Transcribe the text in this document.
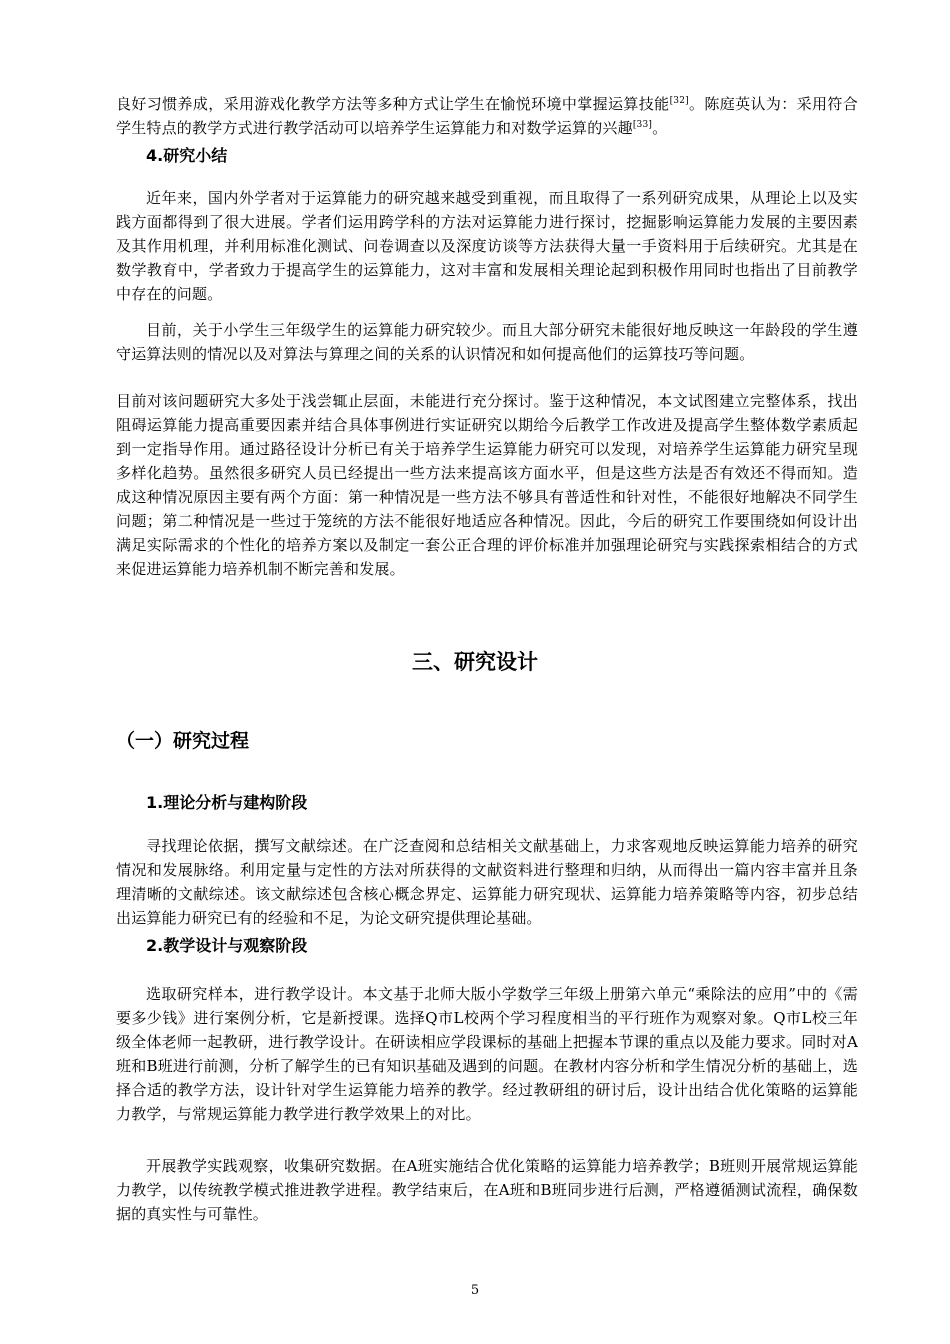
良好习惯养成，采用游戏化教学方法等多种方式让学生在愉悦环境中掌握运算技能[32]。陈庭英认为：采用符合学生特点的教学方式进行教学活动可以培养学生运算能力和对数学运算的兴趣[33]。

4.研究小结

近年来，国内外学者对于运算能力的研究越来越受到重视，而且取得了一系列研究成果，从理论上以及实践方面都得到了很大进展。学者们运用跨学科的方法对运算能力进行探讨，挖掘影响运算能力发展的主要因素及其作用机理，并利用标准化测试、问卷调查以及深度访谈等方法获得大量一手资料用于后续研究。尤其是在数学教育中，学者致力于提高学生的运算能力，这对丰富和发展相关理论起到积极作用同时也指出了目前教学中存在的问题。

目前，关于小学生三年级学生的运算能力研究较少。而且大部分研究未能很好地反映这一年龄段的学生遵守运算法则的情况以及对算法与算理之间的关系的认识情况和如何提高他们的运算技巧等问题。

目前对该问题研究大多处于浅尝辄止层面，未能进行充分探讨。鉴于这种情况，本文试图建立完整体系，找出阻碍运算能力提高重要因素并结合具体事例进行实证研究以期给今后教学工作改进及提高学生整体数学素质起到一定指导作用。通过路径设计分析已有关于培养学生运算能力研究可以发现，对培养学生运算能力研究呈现多样化趋势。虽然很多研究人员已经提出一些方法来提高该方面水平，但是这些方法是否有效还不得而知。造成这种情况原因主要有两个方面：第一种情况是一些方法不够具有普适性和针对性，不能很好地解决不同学生问题；第二种情况是一些过于笼统的方法不能很好地适应各种情况。因此，今后的研究工作要围绕如何设计出满足实际需求的个性化的培养方案以及制定一套公正合理的评价标准并加强理论研究与实践探索相结合的方式来促进运算能力培养机制不断完善和发展。

三、研究设计
（一）研究过程
1.理论分析与建构阶段

寻找理论依据，撰写文献综述。在广泛查阅和总结相关文献基础上，力求客观地反映运算能力培养的研究情况和发展脉络。利用定量与定性的方法对所获得的文献资料进行整理和归纳，从而得出一篇内容丰富并且条理清晰的文献综述。该文献综述包含核心概念界定、运算能力研究现状、运算能力培养策略等内容，初步总结出运算能力研究已有的经验和不足，为论文研究提供理论基础。

2.教学设计与观察阶段

选取研究样本，进行教学设计。本文基于北师大版小学数学三年级上册第六单元“乘除法的应用”中的《需要多少钱》进行案例分析，它是新授课。选择Q市L校两个学习程度相当的平行班作为观察对象。Q市L校三年级全体老师一起教研，进行教学设计。在研读相应学段课标的基础上把握本节课的重点以及能力要求。同时对A班和B班进行前测，分析了解学生的已有知识基础及遇到的问题。在教材内容分析和学生情况分析的基础上，选择合适的教学方法，设计针对学生运算能力培养的教学。经过教研组的研讨后，设计出结合优化策略的运算能力教学，与常规运算能力教学进行教学效果上的对比。

开展教学实践观察，收集研究数据。在A班实施结合优化策略的运算能力培养教学；B班则开展常规运算能力教学，以传统教学模式推进教学进程。教学结束后，在A班和B班同步进行后测，严格遵循测试流程，确保数据的真实性与可靠性。

5
